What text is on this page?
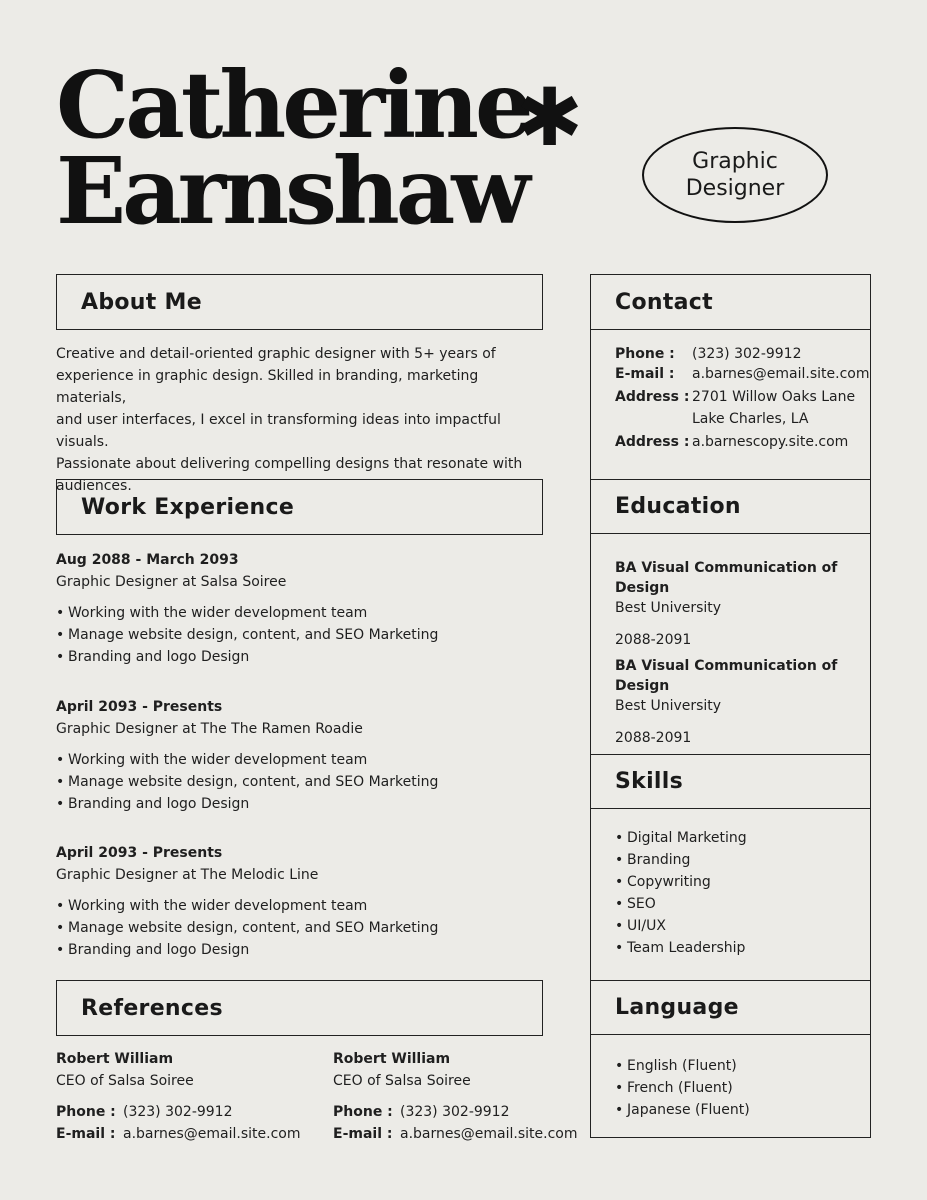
Catherine
Earnshaw
✱	Graphic
Designer
About Me
Creative and detail-oriented graphic designer with 5+ years of
experience in graphic design. Skilled in branding, marketing materials,
and user interfaces, I excel in transforming ideas into impactful visuals.
Passionate about delivering compelling designs that resonate with
audiences.
Work Experience
Aug 2088 - March 2093
Graphic Designer at Salsa Soiree
• Working with the wider development team
• Manage website design, content, and SEO Marketing
• Branding and logo Design
April 2093 - Presents
Graphic Designer at The The Ramen Roadie
• Working with the wider development team
• Manage website design, content, and SEO Marketing
• Branding and logo Design
April 2093 - Presents
Graphic Designer at The Melodic Line
• Working with the wider development team
• Manage website design, content, and SEO Marketing
• Branding and logo Design
References
Robert William
CEO of Salsa Soiree
Phone : (323) 302-9912
E-mail : a.barnes@email.site.com
Robert William
CEO of Salsa Soiree
Phone : (323) 302-9912
E-mail : a.barnes@email.site.com
Contact
Phone :	(323) 302-9912
E-mail :	a.barnes@email.site.com
Address : 2701 Willow Oaks Lane
Lake Charles, LA
Address : a.barnescopy.site.com
Education
BA Visual Communication of Design
Best University
2088-2091
BA Visual Communication of Design
Best University
2088-2091
Skills
• Digital Marketing
• Branding
• Copywriting
• SEO
• UI/UX
• Team Leadership
Language
• English (Fluent)
• French (Fluent)
• Japanese (Fluent)
